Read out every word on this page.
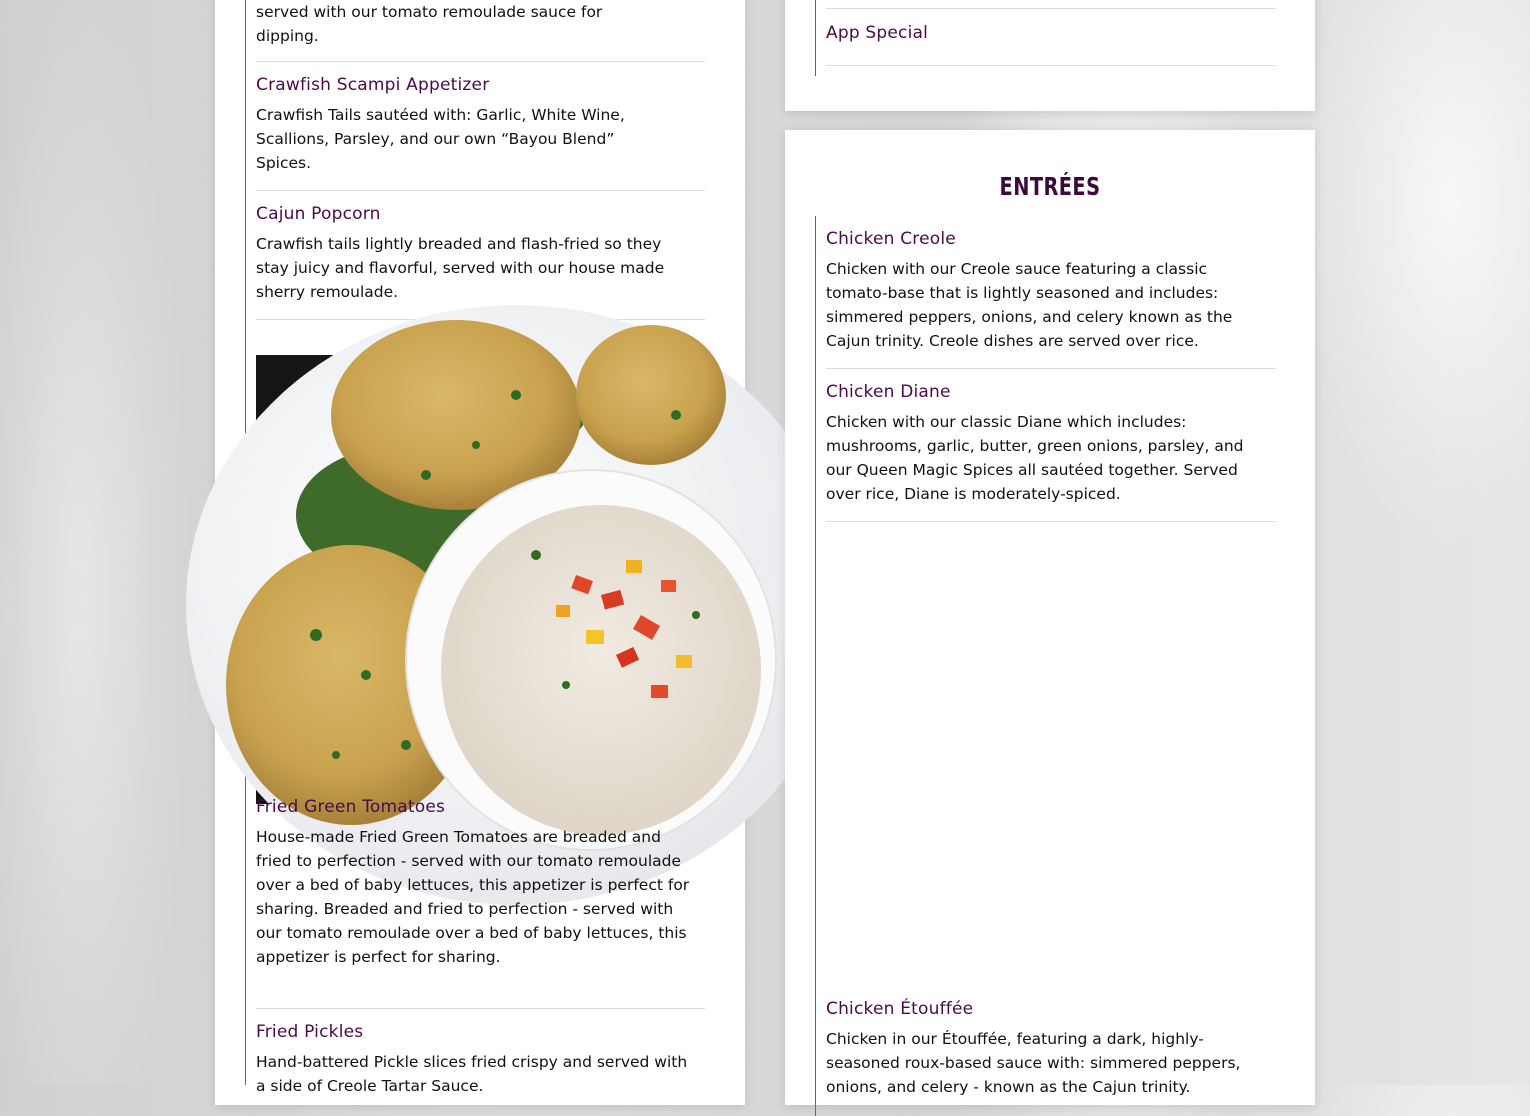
served with our tomato remoulade sauce for dipping.

Crawfish Scampi Appetizer

Crawfish Tails sautéed with: Garlic, White Wine, Scallions, Parsley, and our own “Bayou Blend” Spices.

Cajun Popcorn

Crawfish tails lightly breaded and flash-fried so they stay juicy and flavorful, served with our house made sherry remoulade.

Fried Green Tomatoes

House-made Fried Green Tomatoes are breaded and fried to perfection - served with our tomato remoulade over a bed of baby lettuces, this appetizer is perfect for sharing. Breaded and fried to perfection - served with our tomato remoulade over a bed of baby lettuces, this appetizer is perfect for sharing.

Fried Pickles

Hand-battered Pickle slices fried crispy and served with a side of Creole Tartar Sauce.

App Special
ENTRÉES
Chicken Creole

Chicken with our Creole sauce featuring a classic tomato-base that is lightly seasoned and includes: simmered peppers, onions, and celery known as the Cajun trinity. Creole dishes are served over rice.

Chicken Diane

Chicken with our classic Diane which includes: mushrooms, garlic, butter, green onions, parsley, and our Queen Magic Spices all sautéed together. Served over rice, Diane is moderately-spiced.

Chicken Étouffée

Chicken in our Étouffée, featuring a dark, highly-seasoned roux-based sauce with: simmered peppers, onions, and celery - known as the Cajun trinity.
